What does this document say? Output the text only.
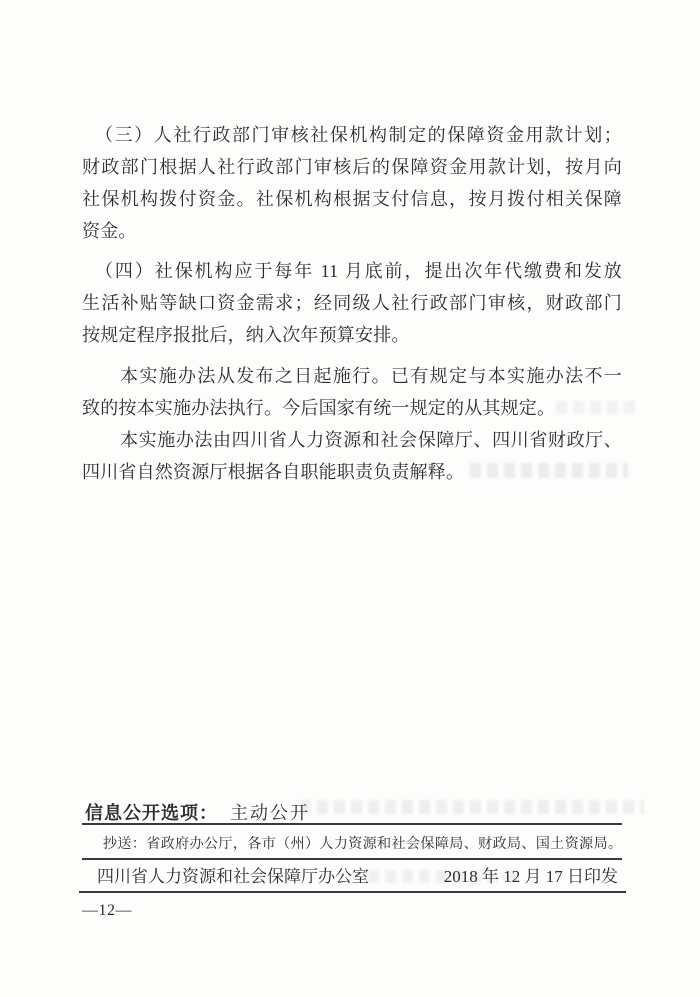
（三）人社行政部门审核社保机构制定的保障资金用款计划；
财政部门根据人社行政部门审核后的保障资金用款计划，按月向
社保机构拨付资金。社保机构根据支付信息，按月拨付相关保障
资金。
（四）社保机构应于每年 11 月底前，提出次年代缴费和发放
生活补贴等缺口资金需求；经同级人社行政部门审核，财政部门
按规定程序报批后，纳入次年预算安排。
本实施办法从发布之日起施行。已有规定与本实施办法不一
致的按本实施办法执行。今后国家有统一规定的从其规定。
本实施办法由四川省人力资源和社会保障厅、四川省财政厅、
四川省自然资源厅根据各自职能职责负责解释。
信息公开选项： 主动公开
抄送：省政府办公厅，各市（州）人力资源和社会保障局、财政局、国土资源局。
四川省人力资源和社会保障厅办公室	2018 年 12 月 17 日印发
—12—
